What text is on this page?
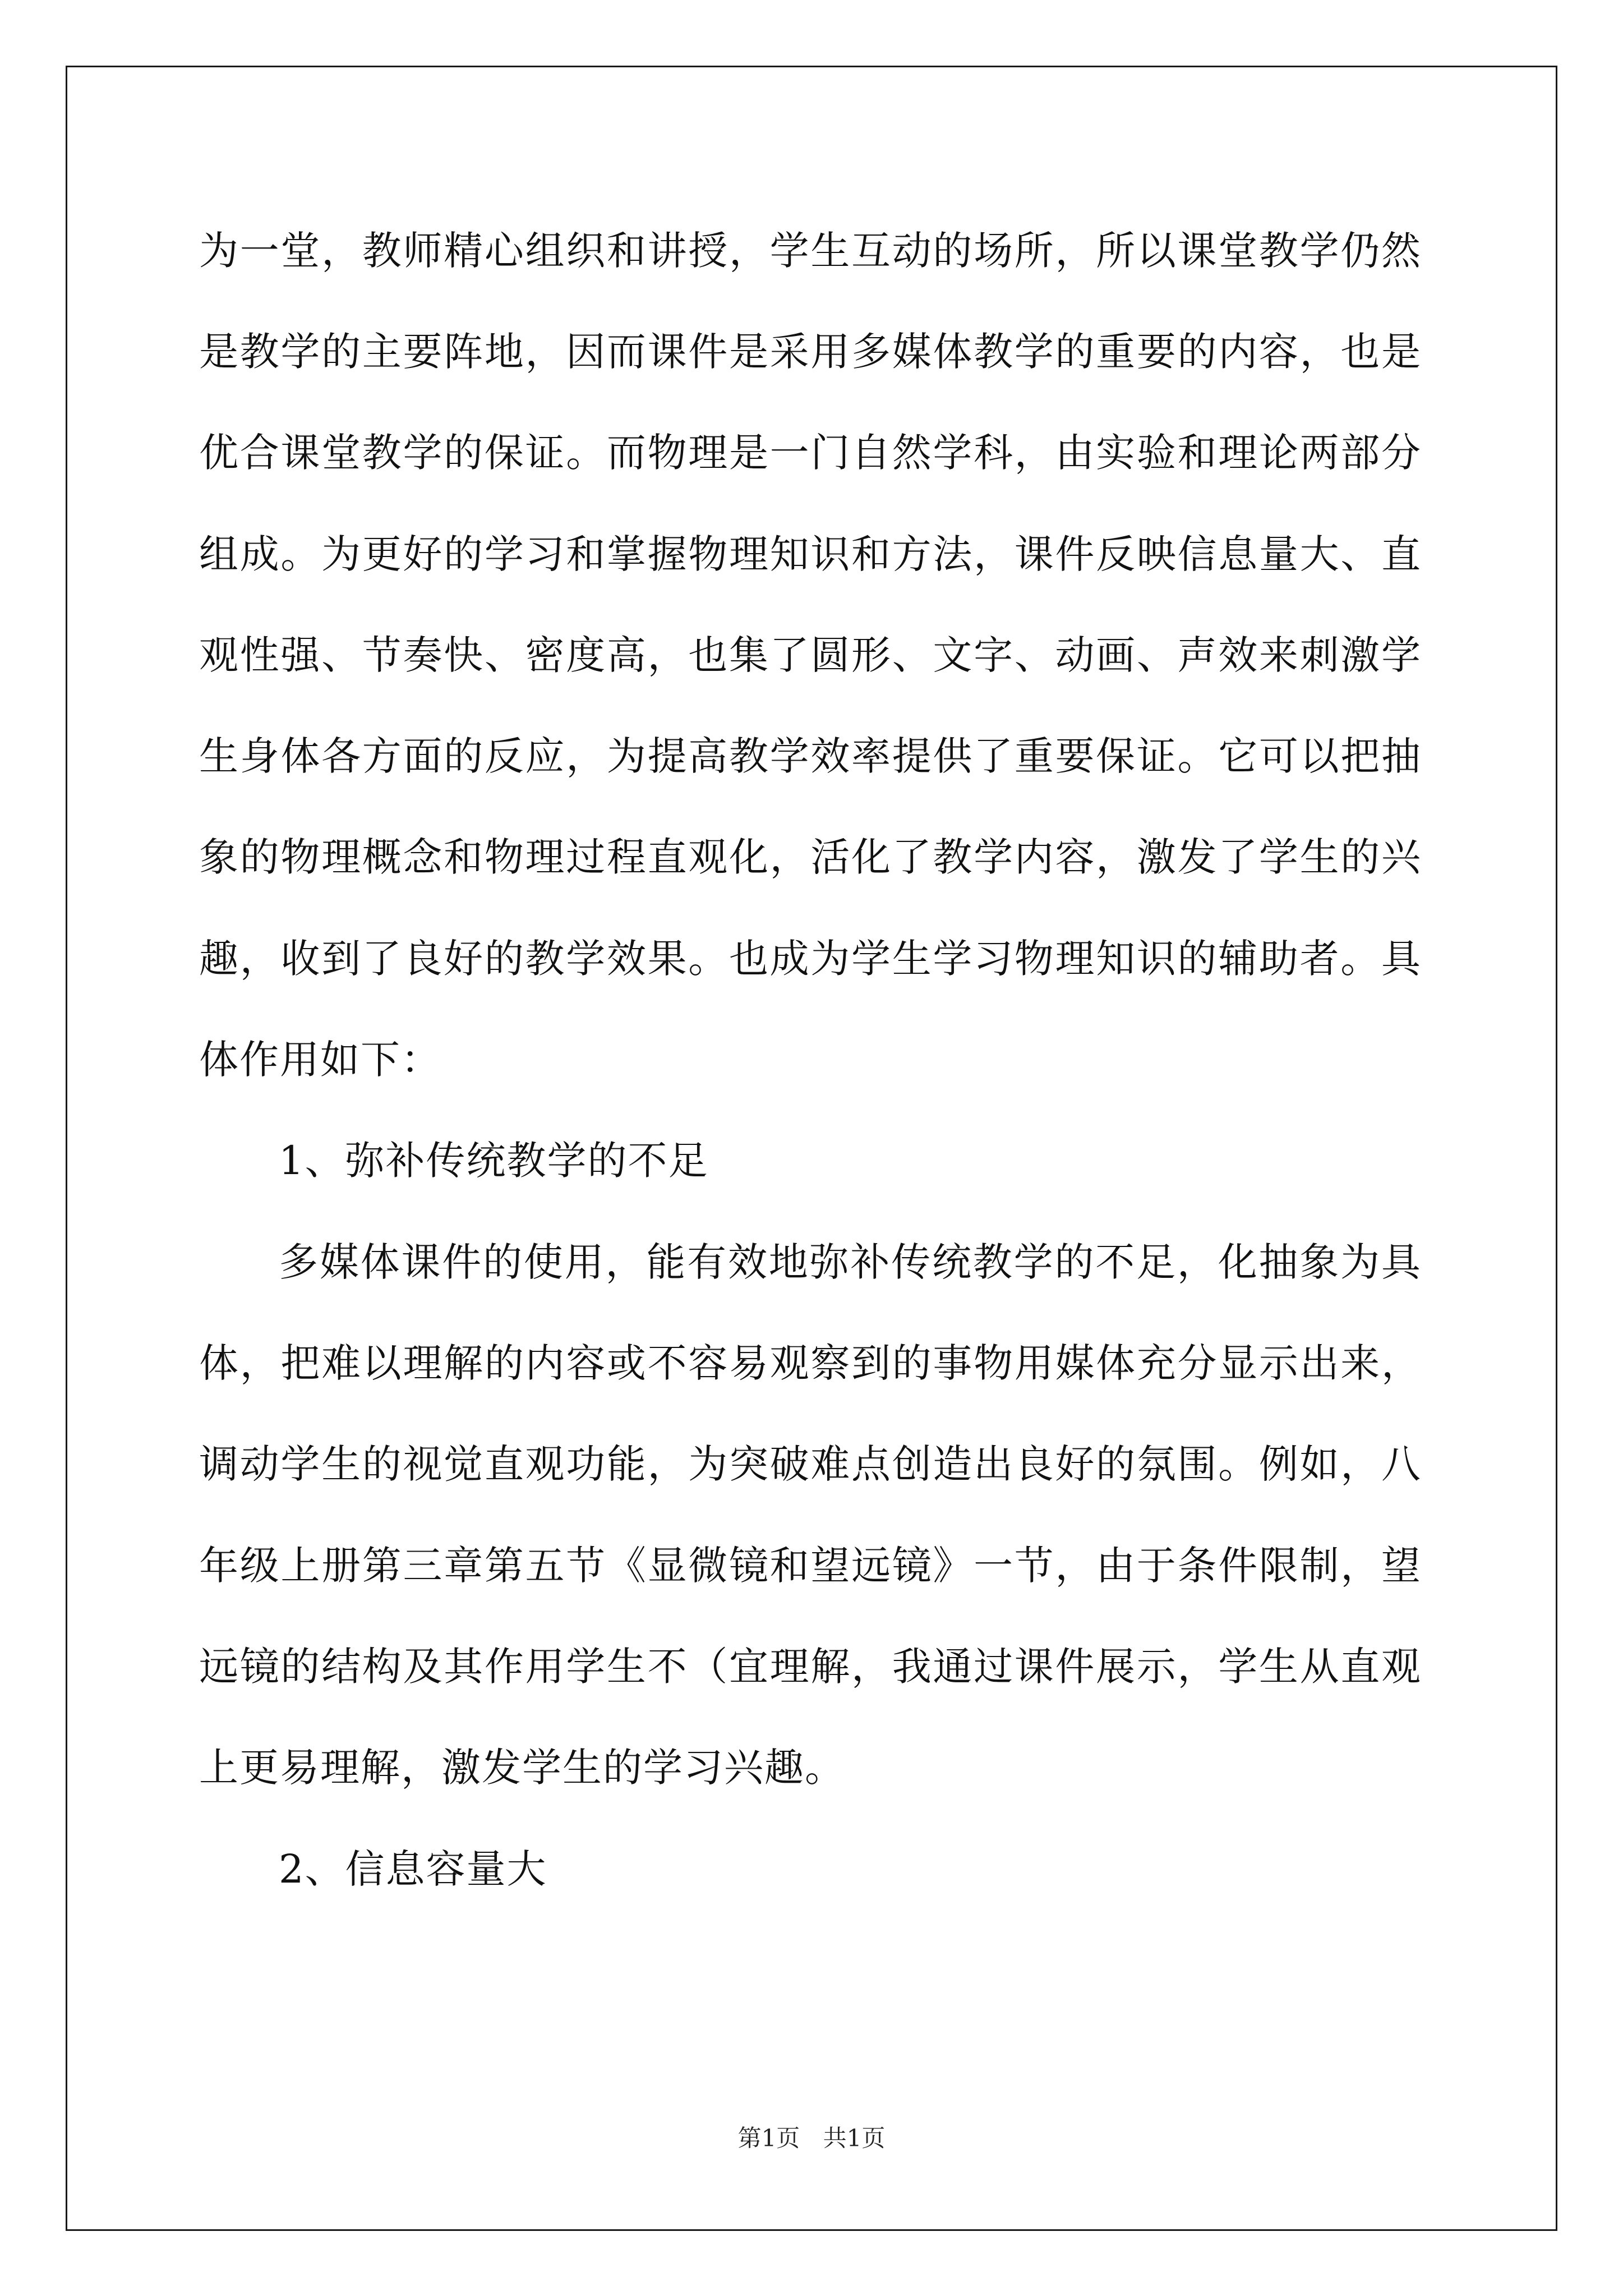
为一堂，教师精心组织和讲授，学生互动的场所，所以课堂教学仍然
是教学的主要阵地，因而课件是采用多媒体教学的重要的内容，也是
优合课堂教学的保证。而物理是一门自然学科，由实验和理论两部分
组成。为更好的学习和掌握物理知识和方法，课件反映信息量大、直
观性强、节奏快、密度高，也集了圆形、文字、动画、声效来刺激学
生身体各方面的反应，为提高教学效率提供了重要保证。它可以把抽
象的物理概念和物理过程直观化，活化了教学内容，激发了学生的兴
趣，收到了良好的教学效果。也成为学生学习物理知识的辅助者。具
体作用如下：
1、弥补传统教学的不足
多媒体课件的使用，能有效地弥补传统教学的不足，化抽象为具
体，把难以理解的内容或不容易观察到的事物用媒体充分显示出来，
调动学生的视觉直观功能，为突破难点创造出良好的氛围。例如，八
年级上册第三章第五节《显微镜和望远镜》一节，由于条件限制，望
远镜的结构及其作用学生不（宜理解，我通过课件展示，学生从直观
上更易理解，激发学生的学习兴趣。
2、信息容量大
第1页 共1页
